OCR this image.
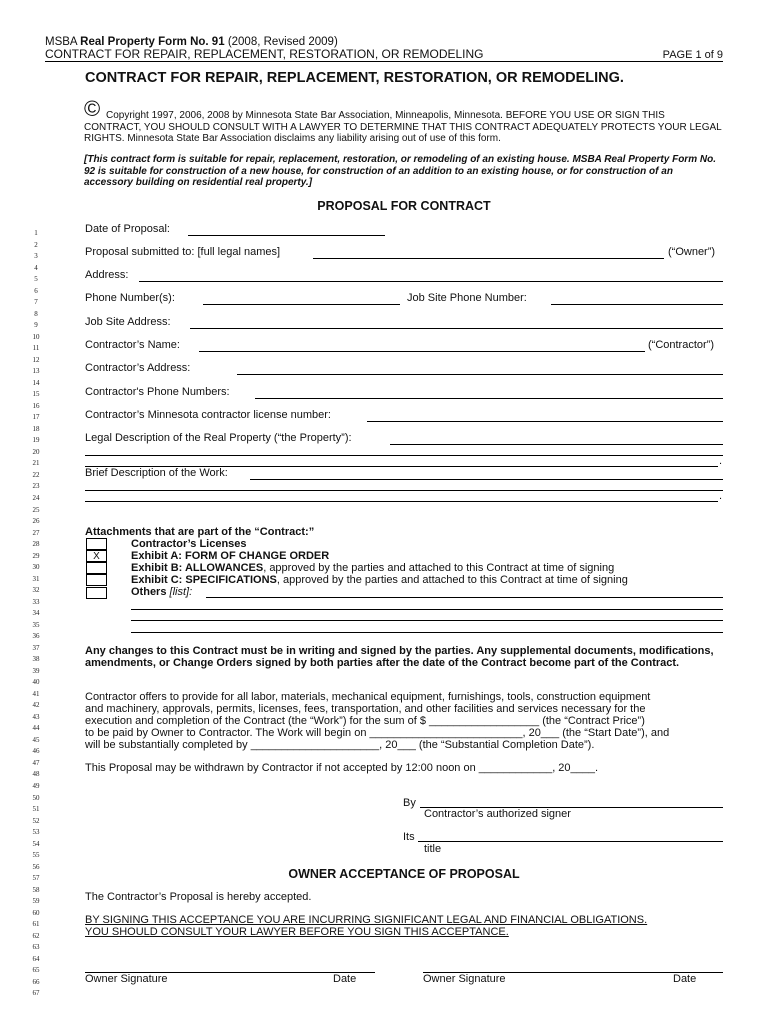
MSBA Real Property Form No. 91 (2008, Revised 2009)
CONTRACT FOR REPAIR, REPLACEMENT, RESTORATION, OR REMODELING	PAGE 1 of 9
CONTRACT FOR REPAIR, REPLACEMENT, RESTORATION, OR REMODELING.
© Copyright 1997, 2006, 2008 by Minnesota State Bar Association, Minneapolis, Minnesota. BEFORE YOU USE OR SIGN THIS CONTRACT, YOU SHOULD CONSULT WITH A LAWYER TO DETERMINE THAT THIS CONTRACT ADEQUATELY PROTECTS YOUR LEGAL RIGHTS. Minnesota State Bar Association disclaims any liability arising out of use of this form.
[This contract form is suitable for repair, replacement, restoration, or remodeling of an existing house. MSBA Real Property Form No. 92 is suitable for construction of a new house, for construction of an addition to an existing house, or for construction of an accessory building on residential real property.]
PROPOSAL FOR CONTRACT
1
2
3
4
5
6
7
8
9
10
11
12
13
14
15
16
17
18
19
20
21
22
23
24
25
26
27
28
29
30
31
32
33
34
35
36
37
38
39
40
41
42
43
44
45
46
47
48
49
50
51
52
53
54
55
56
57
58
59
60
61
62
63
64
65
66
67
Date of Proposal:
Proposal submitted to: [full legal names]	(“Owner”)
Address:
Phone Number(s):	Job Site Phone Number:
Job Site Address:
Contractor’s Name:	(“Contractor”)
Contractor’s Address:
Contractor's Phone Numbers:
Contractor’s Minnesota contractor license number:
Legal Description of the Real Property (“the Property”):
.
Brief Description of the Work:
.
Attachments that are part of the “Contract:”
Contractor’s Licenses
X	Exhibit A: FORM OF CHANGE ORDER
Exhibit B: ALLOWANCES, approved by the parties and attached to this Contract at time of signing
Exhibit C: SPECIFICATIONS, approved by the parties and attached to this Contract at time of signing
Others [list]:
Any changes to this Contract must be in writing and signed by the parties. Any supplemental documents, modifications, amendments, or Change Orders signed by both parties after the date of the Contract become part of the Contract.
Contractor offers to provide for all labor, materials, mechanical equipment, furnishings, tools, construction equipment
and machinery, approvals, permits, licenses, fees, transportation, and other facilities and services necessary for the
execution and completion of the Contract (the “Work”) for the sum of $ __________________ (the “Contract Price”)
to be paid by Owner to Contractor. The Work will begin on _________________________, 20___ (the “Start Date”), and
will be substantially completed by _____________________, 20___ (the “Substantial Completion Date”).
This Proposal may be withdrawn by Contractor if not accepted by 12:00 noon on ____________, 20____.
By
Contractor’s authorized signer
Its
title
OWNER ACCEPTANCE OF PROPOSAL
The Contractor’s Proposal is hereby accepted.
BY SIGNING THIS ACCEPTANCE YOU ARE INCURRING SIGNIFICANT LEGAL AND FINANCIAL OBLIGATIONS.
YOU SHOULD CONSULT YOUR LAWYER BEFORE YOU SIGN THIS ACCEPTANCE.
Owner Signature	Date	Owner Signature	Date
